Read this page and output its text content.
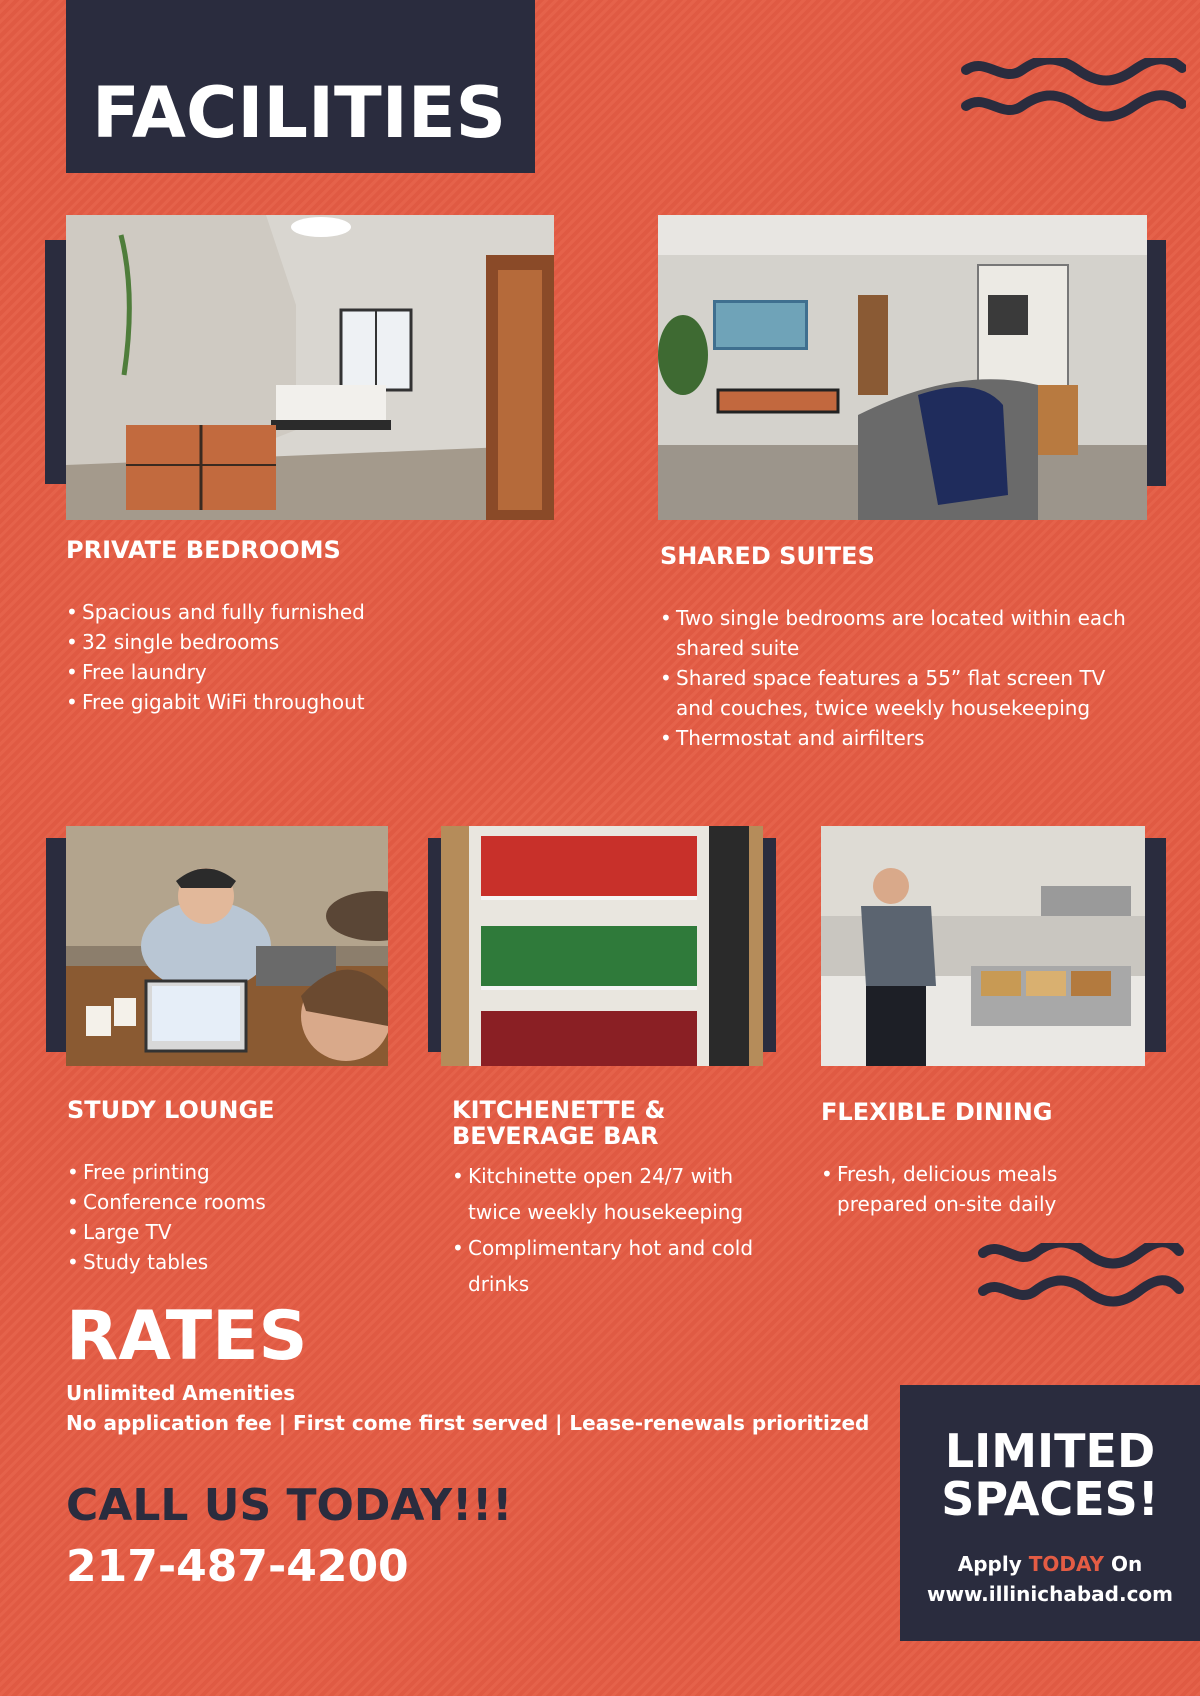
FACILITIES
PRIVATE BEDROOMS
• Spacious and fully furnished
• 32 single bedrooms
• Free laundry
• Free gigabit WiFi throughout
SHARED SUITES
• Two single bedrooms are located within each shared suite
• Shared space features a 55” flat screen TV and couches, twice weekly housekeeping
• Thermostat and airfilters
STUDY LOUNGE
• Free printing
• Conference rooms
• Large TV
• Study tables
KITCHENETTE &
BEVERAGE BAR
• Kitchinette open 24/7 with twice weekly housekeeping
• Complimentary hot and cold drinks
FLEXIBLE DINING
• Fresh, delicious meals prepared on-site daily
RATES
Unlimited Amenities
No application fee | First come first served | Lease-renewals prioritized
CALL US TODAY!!!
217-487-4200
LIMITED
SPACES!
Apply TODAY On
www.illinichabad.com
